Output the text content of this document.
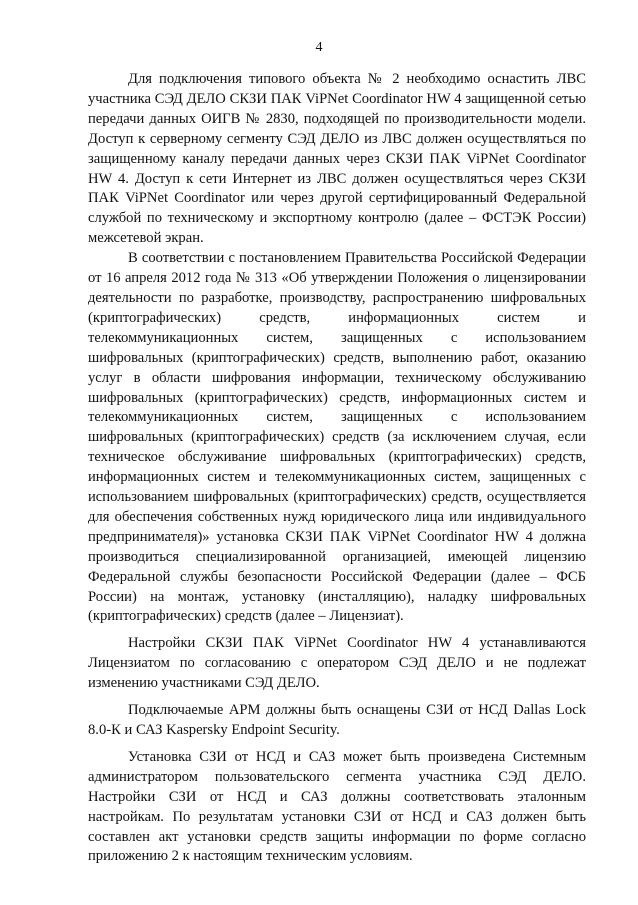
4

Для подключения типового объекта № 2 необходимо оснастить ЛВС участника СЭД ДЕЛО СКЗИ ПАК ViPNet Coordinator HW 4 защищенной сетью передачи данных ОИГВ № 2830, подходящей по производительности модели. Доступ к серверному сегменту СЭД ДЕЛО из ЛВС должен осуществляться по защищенному каналу передачи данных через СКЗИ ПАК ViPNet Coordinator HW 4. Доступ к сети Интернет из ЛВС должен осуществляться через СКЗИ ПАК ViPNet Coordinator или через другой сертифицированный Федеральной службой по техническому и экспортному контролю (далее – ФСТЭК России) межсетевой экран.

В соответствии с постановлением Правительства Российской Федерации от 16 апреля 2012 года № 313 «Об утверждении Положения о лицензировании деятельности по разработке, производству, распространению шифровальных (криптографических) средств, информационных систем и телекоммуникационных систем, защищенных с использованием шифровальных (криптографических) средств, выполнению работ, оказанию услуг в области шифрования информации, техническому обслуживанию шифровальных (криптографических) средств, информационных систем и телекоммуникационных систем, защищенных с использованием шифровальных (криптографических) средств (за исключением случая, если техническое обслуживание шифровальных (криптографических) средств, информационных систем и телекоммуникационных систем, защищенных с использованием шифровальных (криптографических) средств, осуществляется для обеспечения собственных нужд юридического лица или индивидуального предпринимателя)» установка СКЗИ ПАК ViPNet Coordinator HW 4 должна производиться специализированной организацией, имеющей лицензию Федеральной службы безопасности Российской Федерации (далее – ФСБ России) на монтаж, установку (инсталляцию), наладку шифровальных (криптографических) средств (далее – Лицензиат).

Настройки СКЗИ ПАК ViPNet Coordinator HW 4 устанавливаются Лицензиатом по согласованию с оператором СЭД ДЕЛО и не подлежат изменению участниками СЭД ДЕЛО.

Подключаемые АРМ должны быть оснащены СЗИ от НСД Dallas Lock 8.0-К и САЗ Kaspersky Endpoint Security.

Установка СЗИ от НСД и САЗ может быть произведена Системным администратором пользовательского сегмента участника СЭД ДЕЛО. Настройки СЗИ от НСД и САЗ должны соответствовать эталонным настройкам. По результатам установки СЗИ от НСД и САЗ должен быть составлен акт установки средств защиты информации по форме согласно приложению 2 к настоящим техническим условиям.
